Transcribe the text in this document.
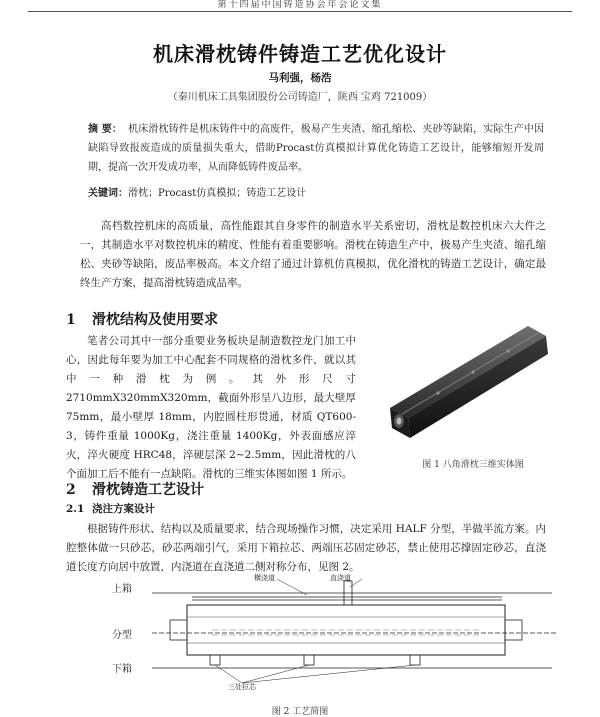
第十四届中国铸造协会年会论文集
机床滑枕铸件铸造工艺优化设计
马利强，杨浩
（秦川机床工具集团股份公司铸造厂，陕西 宝鸡 721009）
摘 要： 机床滑枕铸件是机床铸件中的高废件，极易产生夹渣、缩孔缩松、夹砂等缺陷，实际生产中因缺陷导致报废造成的质量损失重大，借助Procast仿真模拟计算优化铸造工艺设计，能够缩短开发周期，提高一次开发成功率，从而降低铸件废品率。
关键词：滑枕；Procast仿真模拟；铸造工艺设计

高档数控机床的高质量，高性能跟其自身零件的制造水平关系密切，滑枕是数控机床六大件之一，其制造水平对数控机床的精度、性能有着重要影响。滑枕在铸造生产中，极易产生夹渣、缩孔缩松、夹砂等缺陷，废品率极高。本文介绍了通过计算机仿真模拟，优化滑枕的铸造工艺设计，确定最终生产方案，提高滑枕铸造成品率。

1 滑枕结构及使用要求

笔者公司其中一部分重要业务板块是制造数控龙门加工中心，因此每年要为加工中心配套不同规格的滑枕多件，就以其中一种滑枕为例。其外形尺寸 2710mmX320mmX320mm，截面外形呈八边形，最大壁厚 75mm，最小壁厚 18mm，内腔圆柱形贯通，材质 QT600-3，铸件重量 1000Kg，浇注重量 1400Kg，外表面感应淬火，淬火硬度 HRC48，淬硬层深 2~2.5mm，因此滑枕的八个面加工后不能有一点缺陷。滑枕的三维实体图如图 1 所示。

图 1 八角滑枕三维实体图
2 滑枕铸造工艺设计
2.1 浇注方案设计

根据铸件形状、结构以及质量要求，结合现场操作习惯，决定采用 HALF 分型，半做半流方案。内腔整体做一只砂芯，砂芯两端引气，采用下箱拉芯、两端压芯固定砂芯，禁止使用芯撑固定砂芯，直浇道长度方向居中放置，内浇道在直浇道二侧对称分布，见图 2。

上箱
分型
下箱
横浇道	直浇道
三处拉芯
图 2 工艺简图
